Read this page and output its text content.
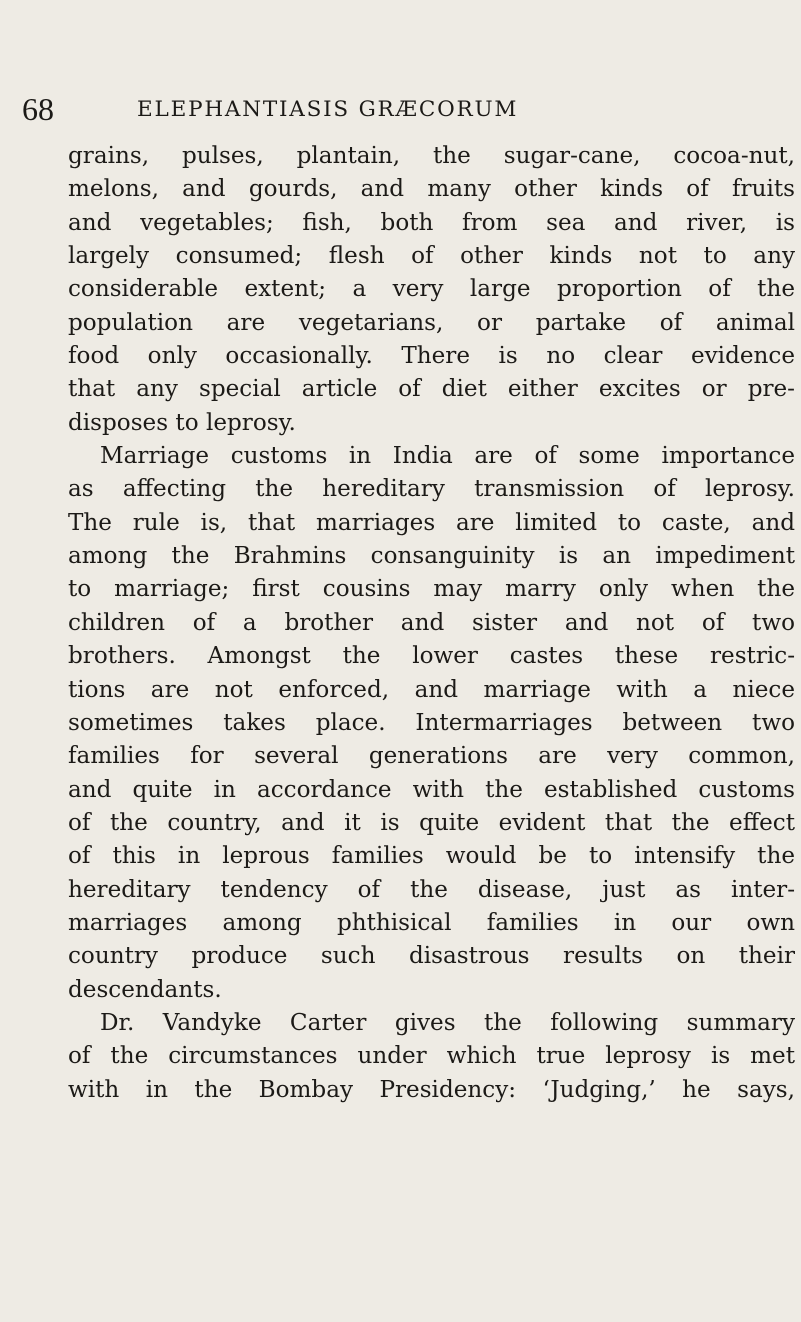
68	ELEPHANTIASIS GRÆCORUM
grains, pulses, plantain, the sugar-cane, cocoa-nut,
melons, and gourds, and many other kinds of fruits
and vegetables; fish, both from sea and river, is
largely consumed; flesh of other kinds not to any
considerable extent; a very large proportion of the
population are vegetarians, or partake of animal
food only occasionally. There is no clear evidence
that any special article of diet either excites or pre-
disposes to leprosy.
Marriage customs in India are of some importance
as affecting the hereditary transmission of leprosy.
The rule is, that marriages are limited to caste, and
among the Brahmins consanguinity is an impediment
to marriage; first cousins may marry only when the
children of a brother and sister and not of two
brothers. Amongst the lower castes these restric-
tions are not enforced, and marriage with a niece
sometimes takes place. Intermarriages between two
families for several generations are very common,
and quite in accordance with the established customs
of the country, and it is quite evident that the effect
of this in leprous families would be to intensify the
hereditary tendency of the disease, just as inter-
marriages among phthisical families in our own
country produce such disastrous results on their
descendants.
Dr. Vandyke Carter gives the following summary
of the circumstances under which true leprosy is met
with in the Bombay Presidency: ‘Judging,’ he says,
